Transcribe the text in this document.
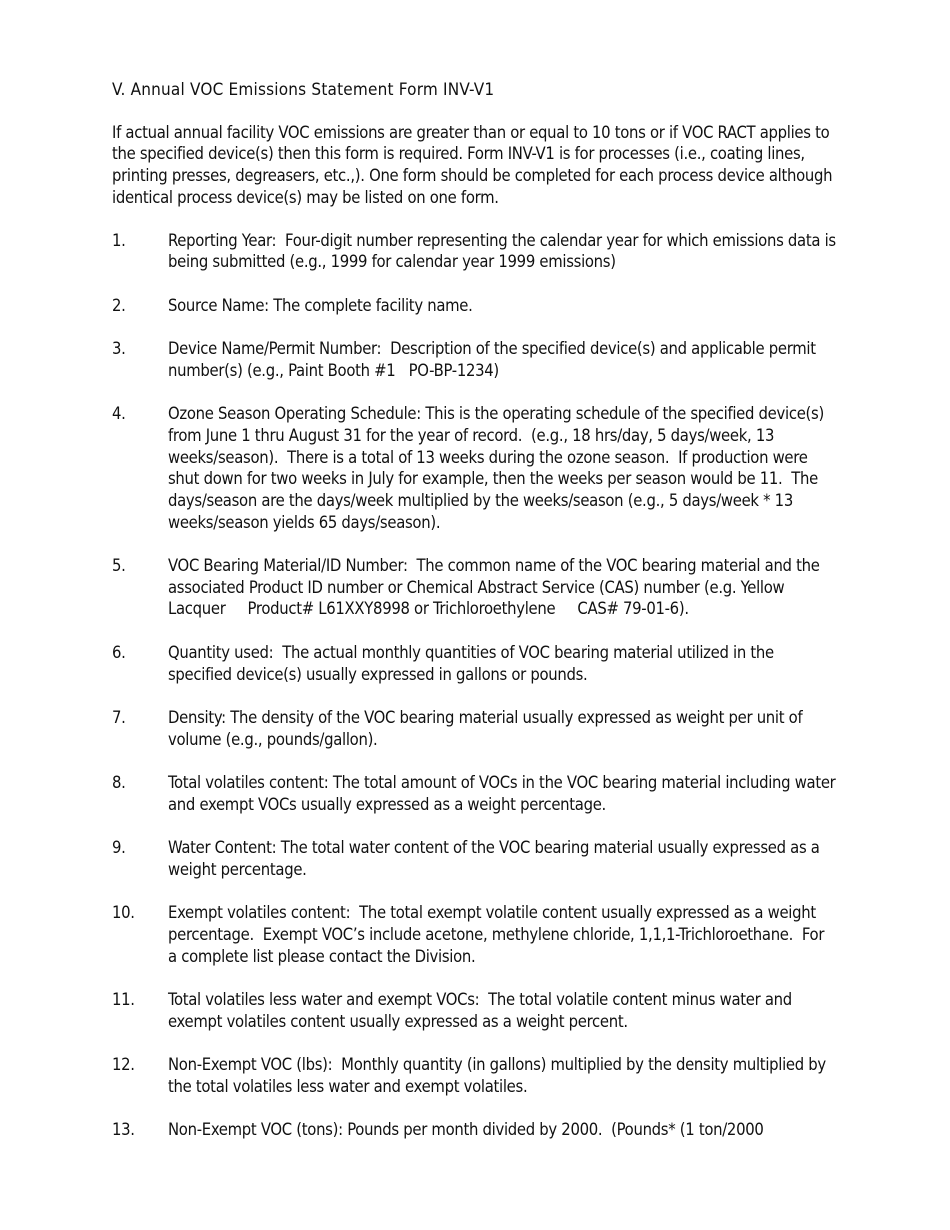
V. Annual VOC Emissions Statement Form INV-V1

If actual annual facility VOC emissions are greater than or equal to 10 tons or if VOC RACT applies to the specified device(s) then this form is required. Form INV-V1 is for processes (i.e., coating lines, printing presses, degreasers, etc.,). One form should be completed for each process device although identical process device(s) may be listed on one form.

1.	Reporting Year:  Four-digit number representing the calendar year for which emissions data is being submitted (e.g., 1999 for calendar year 1999 emissions)
2.	Source Name: The complete facility name.
3.	Device Name/Permit Number:  Description of the specified device(s) and applicable permit number(s) (e.g., Paint Booth #1   PO-BP-1234)
4.	Ozone Season Operating Schedule: This is the operating schedule of the specified device(s) from June 1 thru August 31 for the year of record.  (e.g., 18 hrs/day, 5 days/week, 13 weeks/season).  There is a total of 13 weeks during the ozone season.  If production were shut down for two weeks in July for example, then the weeks per season would be 11.  The days/season are the days/week multiplied by the weeks/season (e.g., 5 days/week * 13 weeks/season yields 65 days/season).
5.	VOC Bearing Material/ID Number:  The common name of the VOC bearing material and the associated Product ID number or Chemical Abstract Service (CAS) number (e.g. Yellow Lacquer     Product# L61XXY8998 or Trichloroethylene     CAS# 79-01-6).
6.	Quantity used:  The actual monthly quantities of VOC bearing material utilized in the specified device(s) usually expressed in gallons or pounds.
7.	Density: The density of the VOC bearing material usually expressed as weight per unit of volume (e.g., pounds/gallon).
8.	Total volatiles content: The total amount of VOCs in the VOC bearing material including water and exempt VOCs usually expressed as a weight percentage.
9.	Water Content: The total water content of the VOC bearing material usually expressed as a weight percentage.
10.	Exempt volatiles content:  The total exempt volatile content usually expressed as a weight percentage.  Exempt VOC’s include acetone, methylene chloride, 1,1,1-Trichloroethane.  For a complete list please contact the Division.
11.	Total volatiles less water and exempt VOCs:  The total volatile content minus water and exempt volatiles content usually expressed as a weight percent.
12.	Non-Exempt VOC (lbs):  Monthly quantity (in gallons) multiplied by the density multiplied by the total volatiles less water and exempt volatiles.
13.	Non-Exempt VOC (tons): Pounds per month divided by 2000.  (Pounds* (1 ton/2000
